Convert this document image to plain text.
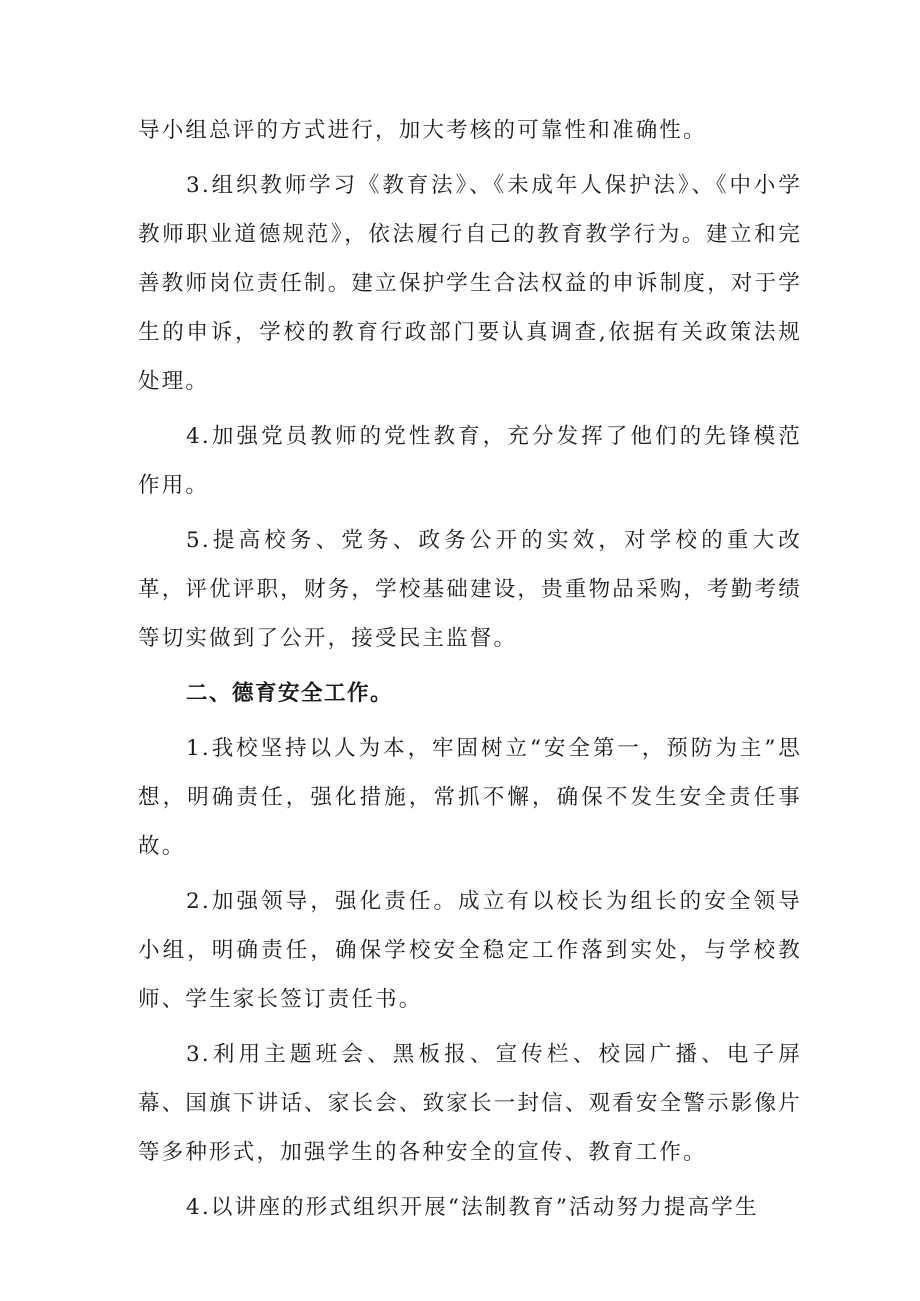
导小组总评的方式进行，加大考核的可靠性和准确性。

3.组织教师学习《教育法》、《未成年人保护法》、《中小学教师职业道德规范》，依法履行自己的教育教学行为。建立和完善教师岗位责任制。建立保护学生合法权益的申诉制度，对于学生的申诉，学校的教育行政部门要认真调查,依据有关政策法规处理。

4.加强党员教师的党性教育，充分发挥了他们的先锋模范作用。

5.提高校务、党务、政务公开的实效，对学校的重大改革，评优评职，财务，学校基础建设，贵重物品采购，考勤考绩等切实做到了公开，接受民主监督。

二、德育安全工作。

1.我校坚持以人为本，牢固树立“安全第一，预防为主”思想，明确责任，强化措施，常抓不懈，确保不发生安全责任事故。

2.加强领导，强化责任。成立有以校长为组长的安全领导小组，明确责任，确保学校安全稳定工作落到实处，与学校教师、学生家长签订责任书。

3.利用主题班会、黑板报、宣传栏、校园广播、电子屏幕、国旗下讲话、家长会、致家长一封信、观看安全警示影像片等多种形式，加强学生的各种安全的宣传、教育工作。

4.以讲座的形式组织开展“法制教育”活动努力提高学生
